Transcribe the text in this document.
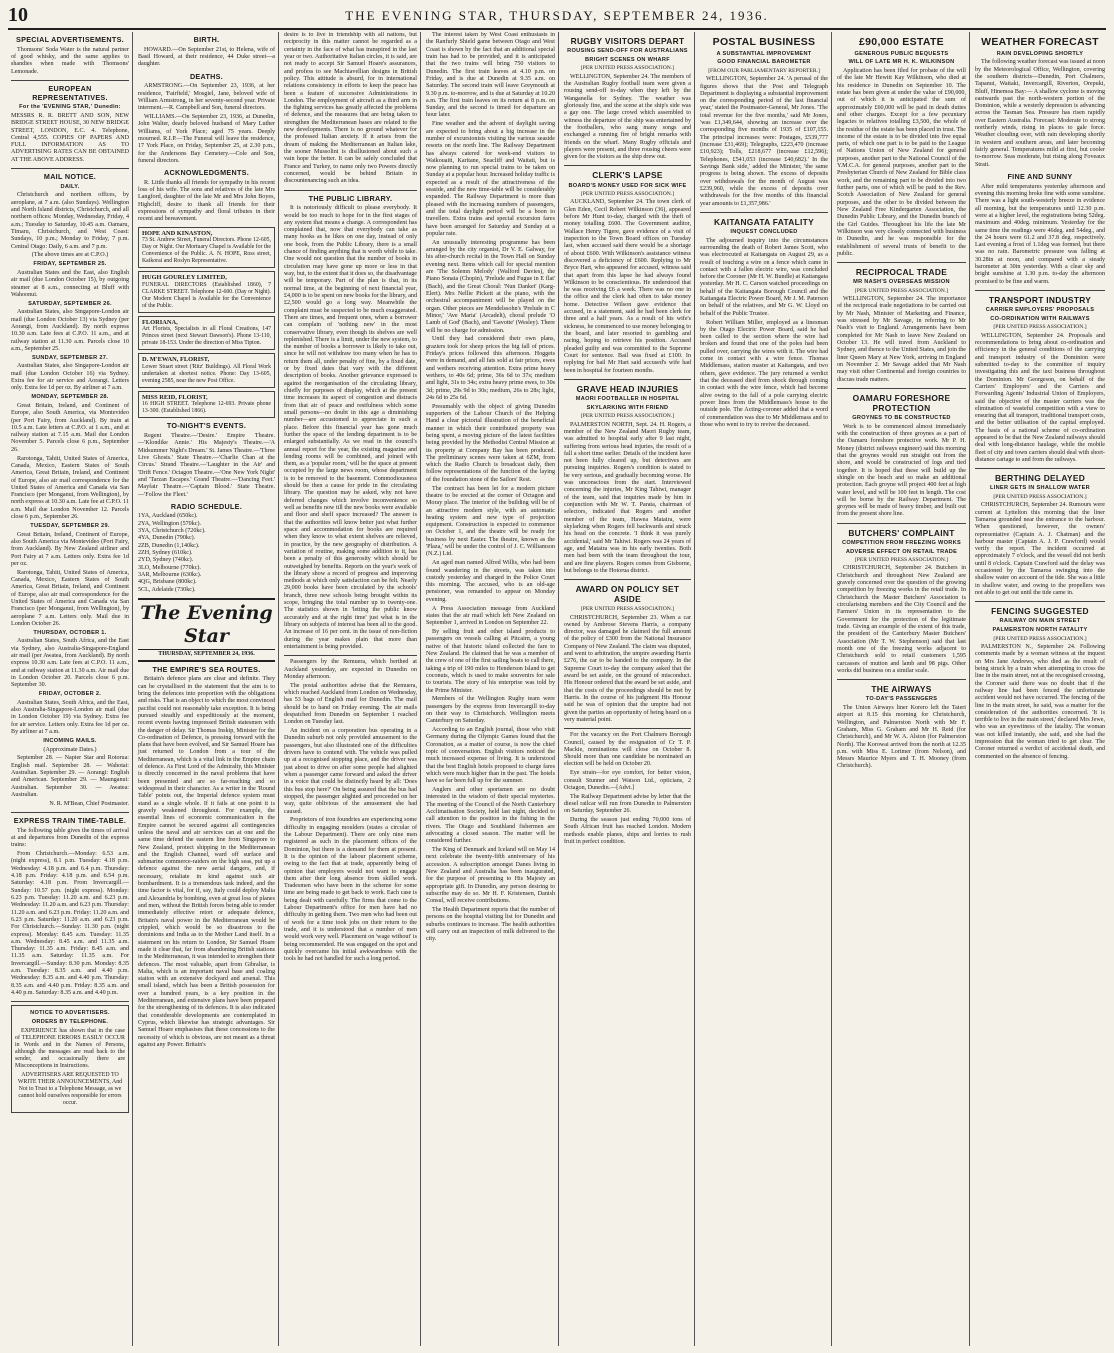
10	THE EVENING STAR, THURSDAY, SEPTEMBER 24, 1936.
SPECIAL ADVERTISEMENTS.

Thomsons' Soda Water is the natural partner of good whisky, and the same applies to shandies when made with Thomsons' Lemonade.

EUROPEAN REPRESENTATIVES.
For the 'EVENING STAR,' Dunedin:

MESSRS R. R. BRETT AND SON, NEW BRIDGE STREET HOUSE, 30 NEW BRIDGE STREET, LONDON, E.C. 4. Telephone, Central 4,555. COPIES OF PAPERS AND FULL INFORMATION AS TO ADVERTISING RATES CAN BE OBTAINED AT THE ABOVE ADDRESS.

MAIL NOTICE.
DAILY.

Christchurch and northern offices, by aeroplane, at 7 a.m. (also Sundays). Wellington and North Island districts, Christchurch, and all northern offices: Monday, Wednesday, Friday, 4 a.m.; Tuesday to Saturday, 10.45 a.m. Oamaru, Timaru, Christchurch, and West Coast: Sundays, 10 p.m.; Monday to Friday, 7 p.m. Central Otago: Daily, 6 a.m. and 7 p.m.

(The above times are at C.P.O.)

FRIDAY, SEPTEMBER 25.

Australian States and the East, also English air mail (due London October 15), by outgoing steamer at 8 a.m., connecting at Bluff with Wahoonui.

SATURDAY, SEPTEMBER 26.

Australian States, also Singapore-London air mail (due London October 13) via Sydney (per Aorangi, from Auckland). By north express 10.30 a.m. Late fees at C.P.O. 11 a.m., and at railway station at 11.30 a.m. Parcels close 10 a.m., September 25.

SUNDAY, SEPTEMBER 27.

Australian States, also Singapore-London air mail (due London October 16) via Sydney. Extra fee for air service and Aorangi. Letters only. Extra fee 1d per oz. By airliner at 7 a.m.

MONDAY, SEPTEMBER 28.

Great Britain, Ireland, and Continent of Europe, also South America, via Montevideo (per Port Fairy, from Auckland). By train at 10.5 a.m. Late letters at C.P.O. at 1 a.m., and at railway station at 7.15 a.m. Mail due London November 5. Parcels close 6 p.m., September 26.

Rarotonga, Tahiti, United States of America, Canada, Mexico, Eastern States of South America, Great Britain, Ireland, and Continent of Europe, also air mail correspondence for the United States of America and Canada via San Francisco (per Monganui, from Wellington), by north express at 10.30 a.m. Late fee at C.P.O. 11 a.m. Mail due London November 12. Parcels close 6 p.m., September 26.

TUESDAY, SEPTEMBER 29.

Great Britain, Ireland, Continent of Europe, also South America via Montevideo (Port Fairy, from Auckland). By New Zealand airliner and Port Fairy at 7 a.m. Letters only. Extra fee 1d per oz.

Rarotonga, Tahiti, United States of America, Canada, Mexico, Eastern States of South America, Great Britain, Ireland, and Continent of Europe, also air mail correspondence for the United States of America and Canada via San Francisco (per Monganui, from Wellington), by aeroplane 7 a.m. Letters only. Mail due in London October 26.

THURSDAY, OCTOBER 1.

Australian States, South Africa, and the East via Sydney, also Australia-Singapore-England air mail (per Awatea, from Auckland). By north express 10.30 a.m. Late fees at C.P.O. 11 a.m., and at railway station at 11.30 a.m. Air mail due in London October 20. Parcels close 6 p.m. September 30.

FRIDAY, OCTOBER 2.

Australian States, South Africa, and the East, also Australia-Singapore-London air mail (due in London October 19) via Sydney. Extra fee for air service. Letters only. Extra fee 1d per oz. By airliner at 7 a.m.

INCOMING MAILS.

(Approximate Dates.)

September 28. — Napier Star and Rotorua: English mail. September 28. — Wahotai: Australian. September 29. — Aorangi: English and American. September 29. — Maunganui: Australian. September 30. — Awatea: Australian.

N. R. M'Bean, Chief Postmaster.

EXPRESS TRAIN TIME-TABLE.

The following table gives the times of arrival at and departures from Dunedin of the express trains:

From Christchurch.—Monday: 6.53 a.m. (night express), 8.1 p.m. Tuesday: 4.18 p.m. Wednesday: 4.18 p.m. and 6.4 p.m. Thursday: 4.18 p.m. Friday: 4.18 p.m. and 6.54 p.m. Saturday: 4.18 p.m. From Invercargill.—Sunday: 10.57 p.m. (night express). Monday: 6.23 p.m. Tuesday: 11.20 a.m. and 6.23 p.m. Wednesday: 11.20 a.m. and 6.23 p.m. Thursday: 11.20 a.m. and 6.23 p.m. Friday: 11.20 a.m. and 6.23 p.m. Saturday: 11.20 a.m. and 6.23 p.m. For Christchurch.—Sunday: 11.30 p.m. (night express). Monday: 8.45 a.m. Tuesday: 11.35 a.m. Wednesday: 8.45 a.m. and 11.35 a.m. Thursday: 11.35 a.m. Friday: 8.45 a.m. and 11.35 a.m. Saturday: 11.35 a.m. For Invercargill.—Sunday: 8.30 p.m. Monday: 8.35 a.m. Tuesday: 8.35 a.m. and 4.40 p.m. Wednesday: 8.35 a.m. and 4.40 p.m. Thursday: 8.35 a.m. and 4.40 p.m. Friday: 8.35 a.m. and 4.40 p.m. Saturday: 8.35 a.m. and 4.40 p.m.

NOTICE TO ADVERTISERS.
ORDERS BY TELEPHONE.

EXPERIENCE has shown that in the case of TELEPHONE ERRORS EASILY OCCUR in Words and in the Names of Persons, although the messages are read back to the sender, and occasionally there are Misconceptions in Instructions.

ADVERTISERS ARE REQUESTED TO WRITE THEIR ANNOUNCEMENTS, And Not to Trust to a Telephone Message, as we cannot hold ourselves responsible for errors occur.

BIRTH.

HOWARD.—On September 21st, to Helena, wife of Basil Howard, at their residence, 44 Duke street—a daughter.

DEATHS.

ARMSTRONG.—On September 23, 1936, at her residence, 'Fairfield,' Mosgiel, Jane, beloved wife of William Armstrong, in her seventy-second year. Private interment.—R. Campbell and Son, funeral directors.

WILLIAMS.—On September 23, 1936, at Dunedin, John Walter, dearly beloved husband of Mary Luther Williams, of York Place; aged 75 years. Deeply mourned. R.I.P.—The Funeral will leave the residence, 17 York Place, on Friday, September 25, at 2.30 p.m., for the Andersons Bay Cemetery.—Cole and Son, funeral directors.

ACKNOWLEDGMENTS.

R. Little thanks all friends for sympathy in his recent loss of his wife. The sons and relatives of the late Mrs Langford, daughter of the late Mr and Mrs John Boyes, Highcliff, desire to thank all friends for their expressions of sympathy and floral tributes in their recent and bereavement.

HOPE AND KINASTON,
73 St. Andrew Street, Funeral Directors. Phone 12-605, Day or Night. Our Mortuary Chapel is Available for the Convenience of the Public. A. N. HOPE, Ross street, Kaikorai and Roslyn Representative.
HUGH GOURLEY LIMITED,
FUNERAL DIRECTORS (Established 1860), 7 CLARKE STREET. Telephone 12-600. (Day or Night). Our Modern Chapel is Available for the Convenience of the Public.
FLORIANA,
Art Florists, Specialists in all Floral Creations, 147 Princes street (next Stewart Dawson's). Phone 13-110, private 18-153. Under the direction of Miss Tipton.
D. M'EWAN, FLORIST,
Lower Stuart street ('Ritz' Buildings). All Floral Work undertaken at shortest notice. Phone: Day 13-605, evening 2585, near the new Post Office.
MISS REID, FLORIST,
16 HIGH STREET. Telephone 12-693. Private phone 13-300. (Established 1866).
TO-NIGHT'S EVENTS.

Regent Theatre.—'Desire.' Empire Theatre.—'Klondike Annie.' His Majesty's Theatre.—'A Midsummer Night's Dream.' St. James Theatre.—'Three Live Ghosts.' State Theatre.—'Charlie Chan at the Circus.' Strand Theatre.—'Laughter in the Air' and 'Drift Fence.' Octagon Theatre.—'One New York Night' and 'Tarzan Escapes.' Grand Theatre.—'Dancing Feet.' Mayfair Theatre.—'Captain Blood.' State Theatre.—'Follow the Fleet.'

RADIO SCHEDULE.
1YA, Auckland (650kc).
2YA, Wellington (570kc).
3YA, Christchurch (720kc).
4YA, Dunedin (790kc).
2ZB, Dunedin (1,140kc).
2ZH, Sydney (610kc).
2YD, Sydney (740kc).
3LO, Melbourne (770kc).
3AR, Melbourne (630kc).
4QG, Brisbane (800kc).
5CL, Adelaide (730kc).
The Evening Star
THURSDAY, SEPTEMBER 24, 1936.
THE EMPIRE'S SEA ROUTES.

Britain's defence plans are clear and definite. They can be crystallised in the statement that the aim is to bring the defences into proportion with the obligations and risks. That is an object to which the most convinced pacifist could not reasonably take exception. It is being pursued steadily and expeditiously at the moment, recent events having impressed British statesmen with the danger of delay. Sir Thomas Inskip, Minister for the Co-ordination of Defence, is pressing forward with the plans that have been evolved, and Sir Samuel Hoare has just returned to London from a tour of the Mediterranean, which is a vital link in the Empire chain of defence. As First Lord of the Admiralty, this Minister is directly concerned in the naval problems that have been presented and are so far-reaching and so widespread in their character. As a writer in the 'Round Table' points out, the Imperial defence system must stand as a single whole. If it fails at one point it is gravely weakened throughout. For example, the essential lines of economic communication in the Empire cannot be secured against all contingencies unless the naval and air services can at one and the same time defend the eastern line from Singapore to New Zealand, protect shipping in the Mediterranean and the English Channel, ward off surface and submarine commerce-raiders on the high seas, put up a defence against the new aerial dangers, and, if necessary, retaliate in kind against such air bombardment. It is a tremendous task indeed, and the time factor is vital, for if, say, Italy could deploy Malta and Alexandria by bombing, even at great loss of planes and men, without the British forces being able to render immediately effective retort or adequate defence, Britain's naval power in the Mediterranean would be crippled, which would be so disastrous to the dominions and India as to the Mother Land itself. In a statement on his return to London, Sir Samuel Hoare made it clear that, far from abandoning British stations in the Mediterranean, it was intended to strengthen their defences. The most valuable, apart from Gibraltar, is Malta, which is an important naval base and coaling station with an extensive dockyard and arsenal. This small island, which has been a British possession for over a hundred years, is a key position in the Mediterranean, and extensive plans have been prepared for the strengthening of its defences. It is also indicated that considerable developments are contemplated in Cyprus, which likewise has strategic advantages. Sir Samuel Hoare emphasises that these concessions to the necessity of which is obvious, are not meant as a threat against any Power. Britain's

desire is to live in friendship with all nations, but reciprocity in this matter cannot be regarded as a certainty in the face of what has transpired in the last year or two. Authoritative Italian circles, it is said, are not ready to accept Sir Samuel Hoare's assurances, and profess to see Machiavellian designs in British policy. This attitude is absurd, for in international relations consistency in efforts to keep the peace has been a feature of successive Administrations in London. The employment of aircraft as a third arm in the fighting services has greatly affected the problems of defence, and the measures that are being taken to strengthen the Mediterranean bases are related to the new developments. There is no ground whatever for the professed Italian anxiety. If it arises from the dream of making the Mediterranean an Italian lake, the sooner Mussolini is disillusioned about such a vain hope the better. It can be safely concluded that France and Turkey, to name only two Powers directly concerned, would be behind Britain in discountenancing such an idea.

THE PUBLIC LIBRARY.

It is notoriously difficult to please everybody. It would be too much to hope for in the first stages of any system that means a change. A correspondent has complained that, now that everybody can take as many books as he likes on one day, instead of only one book, from the Public Library, there is a small chance of finding anything that is worth while to take. One would not question that the number of books in circulation may have gone up more or less in that way, but, to the extent that it does so, the disadvantage will be temporary. Part of the plan is that, in its normal time, at the beginning of next financial year, £4,000 is to be spent on new books for the library, and £2,500 would go a long way. Meanwhile the complaint must be suspected to be much exaggerated. There are times, and frequent ones, when a borrower can complain of 'nothing new' in the most conservative library, even though its shelves are well replenished. There is a limit, under the new system, to the number of books a borrower is likely to take out, since he will not withdraw too many when he has to return them all, under penalty of fine, by a fixed date, or by fixed dates that vary with the different description of books. Another grievance expressed is against the reorganisation of the circulating library, chiefly for purposes of display, which at the present time increases its aspect of congestion and distracts from that air of peace and restfulness which some small persons—no doubt in this age a diminishing number—are accustomed to appreciate in such a place. Before this financial year has gone much further the space of the lending department is to be enlarged substantially. As we read in the council's annual report for the year, the existing magazine and lending rooms will be combined, and joined with them, as a 'popular room,' will be the space at present occupied by the large news room, whose department is to be removed to the basement. Commodiousness should be then a cause for pride in the circulating library. The question may be asked, why not have deferred changes which involve inconvenience so well as benefits now till the new books were available and floor and shelf space increased? The answer is that the authorities will know better just what further space and accommodation for books are required when they know to what extent shelves are relieved, in practice, by the new geography of distribution. A variation of routine, making some addition to it, has been a penalty of this generosity which should be outweighed by benefits. Reports on the year's work of the library show a record of progress and improving methods at which only satisfaction can be felt. Nearly 29,000 books have been circulated by the schools' branch, three new schools being brought within its scope, bringing the total number up to twenty-one. The statistics shown in 'letting the public know accurately and at the right time' just what is in the library on subjects of interest has been all to the good. An increase of 16 per cent. in the issue of non-fiction during the year makes plain that more than entertainment is being provided.

Passengers by the Remuera, which berthed at Auckland yesterday, are expected in Dunedin on Monday afternoon.

The postal authorities advise that the Remuera, which reached Auckland from London on Wednesday, has 53 bags of English mail for Dunedin. The mail should be to hand on Friday evening. The air mails despatched from Dunedin on September 1 reached London on Tuesday last.

An incident on a corporation bus operating in a Dunedin suburb not only provided amusement to the passengers, but also illustrated one of the difficulties drivers have to contend with. The vehicle was pulled up at a recognised stopping place, and the driver was just about to drive on after some people had alighted when a passenger came forward and asked the driver in a voice that could be distinctly heard by all: 'Does this bus stop here?' On being assured that the bus had stopped, the passenger alighted and proceeded on her way, quite oblivious of the amusement she had caused.

Proprietors of iron foundries are experiencing some difficulty in engaging moulders (states a circular of the Labour Department). There are only nine men registered as such in the placement offices of the Dominion, but there is a demand for them at present. It is the opinion of the labour placement scheme, owing to the fact that at trade, apparently being of opinion that employers would not want to engage them after their long absence from skilled work. Tradesmen who have been in the scheme for some time are being made to get back to work. Each case is being dealt with carefully. The firms that come to the Labour Department's office for men have had no difficulty in getting them. Two men who had been out of work for a time took jobs on their return to the trade, and it is understood that a number of men would work very well. Placement on 'wage without' is being recommended. He was engaged on the spot and quickly overcame his initial awkwardness with the tools he had not handled for such a long period.

The interest taken by West Coast enthusiasts in the Ranfurly Shield game between Otago and West Coast is shown by the fact that an additional special train has had to be provided, and it is anticipated that the two trains will bring 750 visitors to Dunedin. The first train leaves at 4.10 p.m. on Friday, and is due at Dunedin at 9.35 a.m. on Saturday. The second train will leave Greymouth at 9.30 p.m. to-morrow, and is due at Saturday at 10.20 a.m. The first train leaves on its return at 8 p.m. on Sunday, and the second is timed for departure an hour later.

Fine weather and the advent of daylight saving are expected to bring about a big increase in the number of excursionists visiting the various seaside resorts on the north line. The Railway Department has always catered for week-end visitors to Waikouaiti, Karitane, Seacliff and Waitati, but is now planning to run special trains to be taken on Sunday at a popular hour. Increased holiday traffic is expected as a result of the attractiveness of the seaside, and the new time-table will be considerably expanded. The Railway Department is more than pleased with the increasing numbers of passengers, and the total daylight period will be a boon to travellers. Extra trains and special excursion fares have been arranged for Saturday and Sunday at a popular rate.

An unusually interesting programme has been arranged by the city organist, Dr V. E. Galway, for his after-church recital in the Town Hall on Sunday evening next. Items which call for special mention are 'The Solemn Melody' (Walford Davies), the Piano Sonata (Chopin), 'Prelude and Fugue in E flat' (Bach), and the Great Choral: 'Nun Danket' (Karg-Elert). Mrs Nellie Pickett at the piano, with the orchestral accompaniment will be played on the organ. Other pieces are Mendelssohn's 'Prelude in C Minor,' 'Ave Maria' (Arcadelt), choral prelude 'O Lamb of God' (Bach), and 'Gavotte' (Wesley). There will be no charge for admission.

Until they had considered their own plans, graziers took for sheep prices the big fall of prices. Friday's prices followed this afternoon. Hoggets were in demand, and all fats sold at fair prices, ewes and wethers receiving attention. Extra prime heavy wethers, to 40s 6d; prime, 36s 6d to 37s; medium and light, 31s to 34s; extra heavy prime ewes, to 30s 3d; prime, 29s 9d to 30s; medium, 26s to 28s; light, 24s 6d to 25s 6d.

Presumably with the object of giving Dunedin supporters of the Labour Church of the Helping Hand a clear pictorial illustration of the beneficial manner in which their contributed property was being spent, a moving picture of the latest facilities being provided by the Methodist Central Mission at its property at Company Bay has been produced. The preliminary scenes were taken at 6ZM, from which the Radio Church is broadcast daily, then follow representations of the function of the laying of the foundation stone of the Sailors' Rest.

The contract has been let for a modern picture theatre to be erected at the corner of Octagon and Moray place. The interior of the building will be of an attractive modern style, with an automatic heating system and new type of projection equipment. Construction is expected to commence on October 1, and the theatre will be ready for business by next Easter. The theatre, known as the 'Plaza,' will be under the control of J. C. Williamson (N.Z.) Ltd.

An aged man named Alfred Willis, who had been found wandering in the streets, was taken into custody yesterday and charged in the Police Court this morning. The accused, who is an old-age pensioner, was remanded to appear on Monday evening.

A Press Association message from Auckland states that the air mail which left New Zealand on September 1, arrived in London on September 22.

By selling fruit and other island products to passengers on vessels calling at Pitcairn, a young native of that historic island collected the fare to New Zealand. He claimed that he was a member of the crew of one of the first sailing boats to call there, taking a trip of 190 miles to Henderson Island to get coconuts, which is used to make souvenirs for sale to tourists. The story of his enterprise was told by the Prime Minister.

Members of the Wellington Rugby team were passengers by the express from Invercargill to-day on their way to Christchurch. Wellington meets Canterbury on Saturday.

According to an English journal, those who visit Germany during the Olympic Games found that the Coronation, as a matter of course, is now the chief topic of conversation. English visitors noticed the much increased expense of living. It is understood that the best English hotels proposed to charge fares which were much higher than in the past. The hotels have so far been full up for the summer.

Anglers and other sportsmen are no doubt interested in the wisdom of their special mysteries. The meeting of the Council of the North Canterbury Acclimatisation Society, held last night, decided to call attention to the position in the fishing in the rivers. The Otago and Southland fishermen are advocating a closed season. The matter will be considered further.

The King of Denmark and Iceland will on May 14 next celebrate the twenty-fifth anniversary of his accession. A subscription amongst Danes living in New Zealand and Australia has been inaugurated, for the purpose of presenting to His Majesty an appropriate gift. In Dunedin, any person desiring to subscribe may do so. Mr H. F. Kristensen, Danish Consul, will receive contributions.

The Health Department reports that the number of persons on the hospital visiting list for Dunedin and suburbs continues to increase. The health authorities will carry out an inspection of milk delivered to the city.

RUGBY VISITORS DEPART
ROUSING SEND-OFF FOR AUSTRALIANS
BRIGHT SCENES ON WHARF

[PER UNITED PRESS ASSOCIATION.]

WELLINGTON, September 24. The members of the Australian Rugby football team were given a rousing send-off to-day when they left by the Wanganella for Sydney. The weather was gloriously fine, and the scene at the ship's side was a gay one. The large crowd which assembled to witness the departure of the ship was entertained by the footballers, who sang many songs and exchanged a running fire of bright remarks with friends on the wharf. Many Rugby officials and players were present, and three rousing cheers were given for the visitors as the ship drew out.

CLERK'S LAPSE
BOARD'S MONEY USED FOR SICK WIFE

[PER UNITED PRESS ASSOCIATION.]

AUCKLAND, September 24. The town clerk of Glen Eden, Cecil Robert Wilkinson (36), appeared before Mr Hunt to-day, charged with the theft of money totalling £600. The Government auditor, Wallace Henry Tigere, gave evidence of a visit of inspection to the Town Board offices on Tuesday last, when accused said there would be a shortage of about £600. With Wilkinson's assistance witness discovered a deficiency of £600. Replying to Mr Bryce Hart, who appeared for accused, witness said that apart from this lapse he had always found Wilkinson to be conscientious. He understood that he was receiving £6 a week. There was no one in the office and the clerk had often to take money home. Detective Wilson gave evidence that accused, in a statement, said he had been clerk for three and a half years. As a result of his wife's sickness, he commenced to use money belonging to the board, and later resorted to gambling and racing, hoping to retrieve his position. Accused pleaded guilty and was committed to the Supreme Court for sentence. Bail was fixed at £100. In replying for bail Mr Hart said accused's wife had been in hospital for fourteen months.

GRAVE HEAD INJURIES
MAORI FOOTBALLER IN HOSPITAL
SKYLARKING WITH FRIEND

[PER UNITED PRESS ASSOCIATION.]

PALMERSTON NORTH, Sept. 24. H. Rogers, a member of the New Zealand Maori Rugby team, was admitted to hospital early after 9 last night, suffering from serious head injuries, the result of a fall a short time earlier. Details of the incident have not been fully cleared up, but detectives are pursuing inquiries. Rogers's condition is stated to be very serious, and gradually becoming worse. He was unconscious from the start. Interviewed concerning the injuries, Mr King Tahiwi, manager of the team, said that inquiries made by him in conjunction with Mr W. T. Parata, chairman of selectors, indicated that Rogers and another member of the team, Hawea Mataira, were skylarking when Rogers fell backwards and struck his head on the concrete. 'I think it was purely accidental,' said Mr Tahiwi. Rogers was 24 years of age, and Mataira was in his early twenties. Both men had been with the team throughout the tour, and are fine players. Rogers comes from Gisborne, but belongs to the Hotorua district.

AWARD ON POLICY SET ASIDE

[PER UNITED PRESS ASSOCIATION.]

CHRISTCHURCH, September 23. When a car owned by Ambrose Stevens Harris, a company director, was damaged he claimed the full amount of the policy of £300 from the National Insurance Company of New Zealand. The claim was disputed, and went to arbitration, the umpire awarding Harris £276, the car to be handed to the company. In the Supreme Court to-day the company asked that the award be set aside, on the ground of misconduct. His Honour ordered that the award be set aside, and that the costs of the proceedings should be met by Harris. In the course of his judgment His Honour said he was of opinion that the umpire had not given the parties an opportunity of being heard on a very material point.

For the vacancy on the Port Chalmers Borough Council, caused by the resignation of Cr T. P. Mackie, nominations will close on October 8. Should more than one candidate be nominated an election will be held on October 20.

Eye strain—for eye comfort, for better vision, consult Stunner and Watson Ltd., opticians, 2 Octagon, Dunedin.—[Advt.]

The Railway Department advise by letter that the diesel railcar will run from Dunedin to Palmerston on Saturday, September 26.

During the season just ending 70,000 tons of South African fruit has reached London. Modern methods enable planes, ships and lorries to rush fruit in perfect condition.

POSTAL BUSINESS
A SUBSTANTIAL IMPROVEMENT
GOOD FINANCIAL BAROMETER

[FROM OUR PARLIAMENTARY REPORTER.]

WELLINGTON, September 24. 'A perusal of the figures shows that the Post and Telegraph Department is displaying a substantial improvement on the corresponding period of the last financial year,' stated the Postmaster-General, Mr Jones. 'The total revenue for the five months,' said Mr Jones, 'was £1,349,644, showing an increase over the corresponding five months of 1935 of £107,155. The principal increases were: Postages, £539,777 (increase £31,469); Telegraphs, £223,470 (increase £10,923); Tolls, £218,677 (increase £12,596); Telephones, £541,053 (increase £40,682).' In the Savings Bank side,' added the Minister, 'the same progress is being shown. The excess of deposits over withdrawals for the month of August was £239,960, while the excess of deposits over withdrawals for the five months of this financial year amounts to £1,357,986.'

KAITANGATA FATALITY
INQUEST CONCLUDED

The adjourned inquiry into the circumstances surrounding the death of Robert James Scott, who was electrocuted at Kaitangata on August 29, as a result of touching a wire on a fence which came in contact with a fallen electric wire, was concluded before the Coroner (Mr H. W. Bundle) at Kaitangata yesterday. Mr H. C. Carson watched proceedings on behalf of the Kaitangata Borough Council and the Kaitangata Electric Power Board, Mr J. M. Paterson on behalf of the relatives, and Mr G. W. Lloyd on behalf of the Public Trustee.

Robert William Miller, employed as a linesman by the Otago Electric Power Board, said he had been called to the section where the wire had broken and found that one of the poles had been pulled over, carrying the wires with it. The wire had come in contact with a wire fence. Thomas Middlemass, station master at Kaitangata, and two others, gave evidence. The jury returned a verdict that the deceased died from shock through coming in contact with the wire fence, which had become alive owing to the fall of a pole carrying electric power lines from the Middlemass's house to the outside pole. The Acting-coroner added that a word of commendation was due to Mr Middlemass and to those who went to try to revive the deceased.

£90,000 ESTATE
GENEROUS PUBLIC BEQUESTS
WILL OF LATE MR H. K. WILKINSON

Application has been filed for probate of the will of the late Mr Hewitt Kay Wilkinson, who died at his residence in Dunedin on September 10. The estate has been given at under the value of £90,000, out of which it is anticipated the sum of approximately £60,000 will be paid in death duties and other charges. Except for a few pecuniary legacies to relatives totalling £3,500, the whole of the residue of the estate has been placed in trust. The income of the estate is to be divided into five equal parts, of which one part is to be paid to the League of Nations Union of New Zealand for general purposes, another part to the National Council of the Y.M.C.A. for general purposes, another part to the Presbyterian Church of New Zealand for Bible class work, and the remaining part to be divided into two further parts, one of which will be paid to the Rev. Scotch Association of New Zealand for general purposes, and the other to be divided between the New Zealand Free Kindergarten Association, the Dunedin Public Library, and the Dunedin branch of the Girl Guides. Throughout his life the late Mr Wilkinson was very closely connected with business in Dunedin, and he was responsible for the establishment of several trusts of benefit to the public.

RECIPROCAL TRADE
MR NASH'S OVERSEAS MISSION

[PER UNITED PRESS ASSOCIATION.]

WELLINGTON, September 24. The importance of the reciprocal trade negotiations to be carried out by Mr Nash, Minister of Marketing and Finance, was stressed by Mr Savage, in referring to Mr Nash's visit to England. Arrangements have been completed for Mr Nash to leave New Zealand on October 13. He will travel from Auckland to Sydney, and thence to the United States, and join the liner Queen Mary at New York, arriving in England on November 2. Mr Savage added that Mr Nash may visit other Continental and foreign countries to discuss trade matters.

OAMARU FORESHORE PROTECTION
GROYNES TO BE CONSTRUCTED

Work is to be commenced almost immediately with the construction of three groynes as a part of the Oamaru foreshore protective work. Mr P. H. Money (district railways engineer) said this morning that the groynes would run straight out from the shore, and would be constructed of logs and tied together. It is hoped that these will build up the shingle on the beach and so make an additional protection. Each groyne will project 400 feet at high water level, and will be 100 feet in length. The cost will be borne by the Railway Department. The groynes will be made of heavy timber, and built out from the present shore line.

BUTCHERS' COMPLAINT
COMPETITION FROM FREEZING WORKS
ADVERSE EFFECT ON RETAIL TRADE

[PER UNITED PRESS ASSOCIATION.]

CHRISTCHURCH, September 24. Butchers in Christchurch and throughout New Zealand are gravely concerned over the question of the growing competition by freezing works in the retail trade. In Christchurch the Master Butchers' Association is circularising members and the City Council and the Farmers' Union in its representation to the Government for the protection of the legitimate trade. Giving an example of the extent of this trade, the president of the Canterbury Master Butchers' Association (Mr T. W. Stephenson) said that last month one of the freezing works adjacent to Christchurch sold to retail customers 1,595 carcasses of mutton and lamb and 98 pigs. Other works did business on a similar scale.

THE AIRWAYS
TO-DAY'S PASSENGERS

The Union Airways liner Korero left the Taieri airport at 8.15 this morning for Christchurch, Wellington, and Palmerston North with Mr F. Graham, Miss G. Graham and Mr H. Reid (for Christchurch), and Mr W. A. Alston (for Palmerston North). The Korowai arrived from the north at 12.35 p.m. with Miss E. Lorimer (from Nelson), and Messrs Maurice Myers and T. H. Mooney (from Christchurch).

WEATHER FORECAST
RAIN DEVELOPING SHORTLY

The following weather forecast was issued at noon by the Meteorological Office, Wellington, covering the southern districts—Dunedin, Port Chalmers, Tapanui, Waitaki, Invercargill, Riverton, Orepuki, Bluff, Hinemoa Bay:— A shallow cyclone is moving eastwards past the north-western portion of the Dominion, while a westerly depression is advancing across the Tasman Sea. Pressure has risen rapidly over Eastern Australia. Forecast: Moderate to strong northerly winds, rising in places to gale force. Weather clouding over, with rain developing shortly in western and southern areas, and later becoming fairly general. Temperatures mild at first, but cooler to-morrow. Seas moderate, but rising along Foveaux Strait.

FINE AND SUNNY

After mild temperatures yesterday afternoon and evening this morning broke fine with some sunshine. There was a light south-westerly breeze in evidence all morning, but the temperatures until 12.30 p.m. were at a higher level, the registrations being 52deg. maximum and 40deg. minimum. Yesterday for the same time the readings were 46deg. and 54deg., and the 24 hours were 61.2 and 37.8 deg. respectively. Last evening a frost of 1.1deg was formed, but there was no rain. Barometric pressure was falling at 30.28in at noon, and compared with a steady barometer at 30in yesterday. With a clear sky and bright sunshine at 1.30 p.m. to-day the afternoon promised to be fine and warm.

TRANSPORT INDUSTRY
CARRIER EMPLOYERS' PROPOSALS
CO-ORDINATION WITH RAILWAYS

[PER UNITED PRESS ASSOCIATION.]

WELLINGTON, September 24. Proposals and recommendations to bring about co-ordination and efficiency in the general conditions of the carrying and transport industry of the Dominion were submitted to-day to the committee of inquiry investigating this and the taxi business throughout the Dominion. Mr Georgeson, on behalf of the Carriers' Employers' and the Carriers and Forwarding Agents' Industrial Union of Employers, said the objective of the master carriers was the elimination of wasteful competition with a view to ensuring that all transport, traditional transport costs, and the better utilisation of the capital employed. The basis of a national scheme of co-ordination appeared to be that the New Zealand railways should deal with long-distance haulage, while the mobile fleet of city and town carriers should deal with short-distance cartage to and from the railways.

BERTHING DELAYED
LINER GETS IN SHALLOW WATER

[PER UNITED PRESS ASSOCIATION.]

CHRISTCHURCH, September 24. Rumours were current at Lyttelton this morning that the liner Tamaroa grounded near the entrance to the harbour. When questioned, however, the owners' representative (Captain A. J. Chatman) and the harbour master (Captain A. J. P. Crawford) would verify the report. The incident occurred at approximately 7 o'clock, and the vessel did not berth until 8 o'clock. Captain Crawford said the delay was occasioned by the Tamaroa swinging into the shallow water on account of the tide. She was a little in shallow water, and owing to the propellers was not able to get out until the tide came in.

FENCING SUGGESTED
RAILWAY ON MAIN STREET
PALMERSTON NORTH FATALITY

[PER UNITED PRESS ASSOCIATION.]

PALMERSTON N., September 24. Following comments made by a woman witness at the inquest on Mrs Jane Andrews, who died as the result of being struck by a train when attempting to cross the line in the main street, not at the recognised crossing, the Coroner said there was no doubt that if the railway line had been fenced the unfortunate accident would not have occurred. The fencing of the line in the main street, he said, was a matter for the consideration of the authorities concerned. 'It is terrible to live in the main street,' declared Mrs Jewe, who was an eyewitness of the fatality. The woman was not killed instantly, she said, and she had the impression that the woman tried to get clear. The Coroner returned a verdict of accidental death, and commented on the absence of fencing.
